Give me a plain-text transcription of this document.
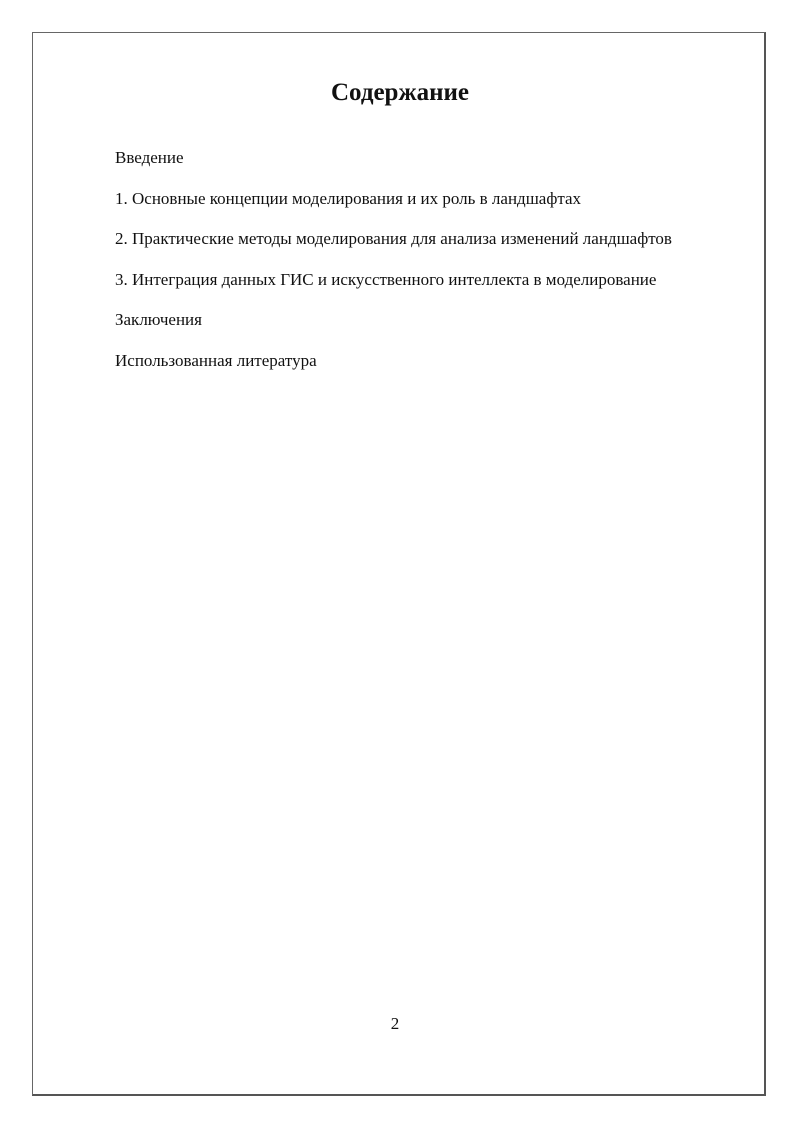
Содержание
Введение
1. Основные концепции моделирования и их роль в ландшафтах
2. Практические методы моделирования для анализа изменений ландшафтов
3. Интеграция данных ГИС и искусственного интеллекта в моделирование
Заключения
Использованная литература

2
